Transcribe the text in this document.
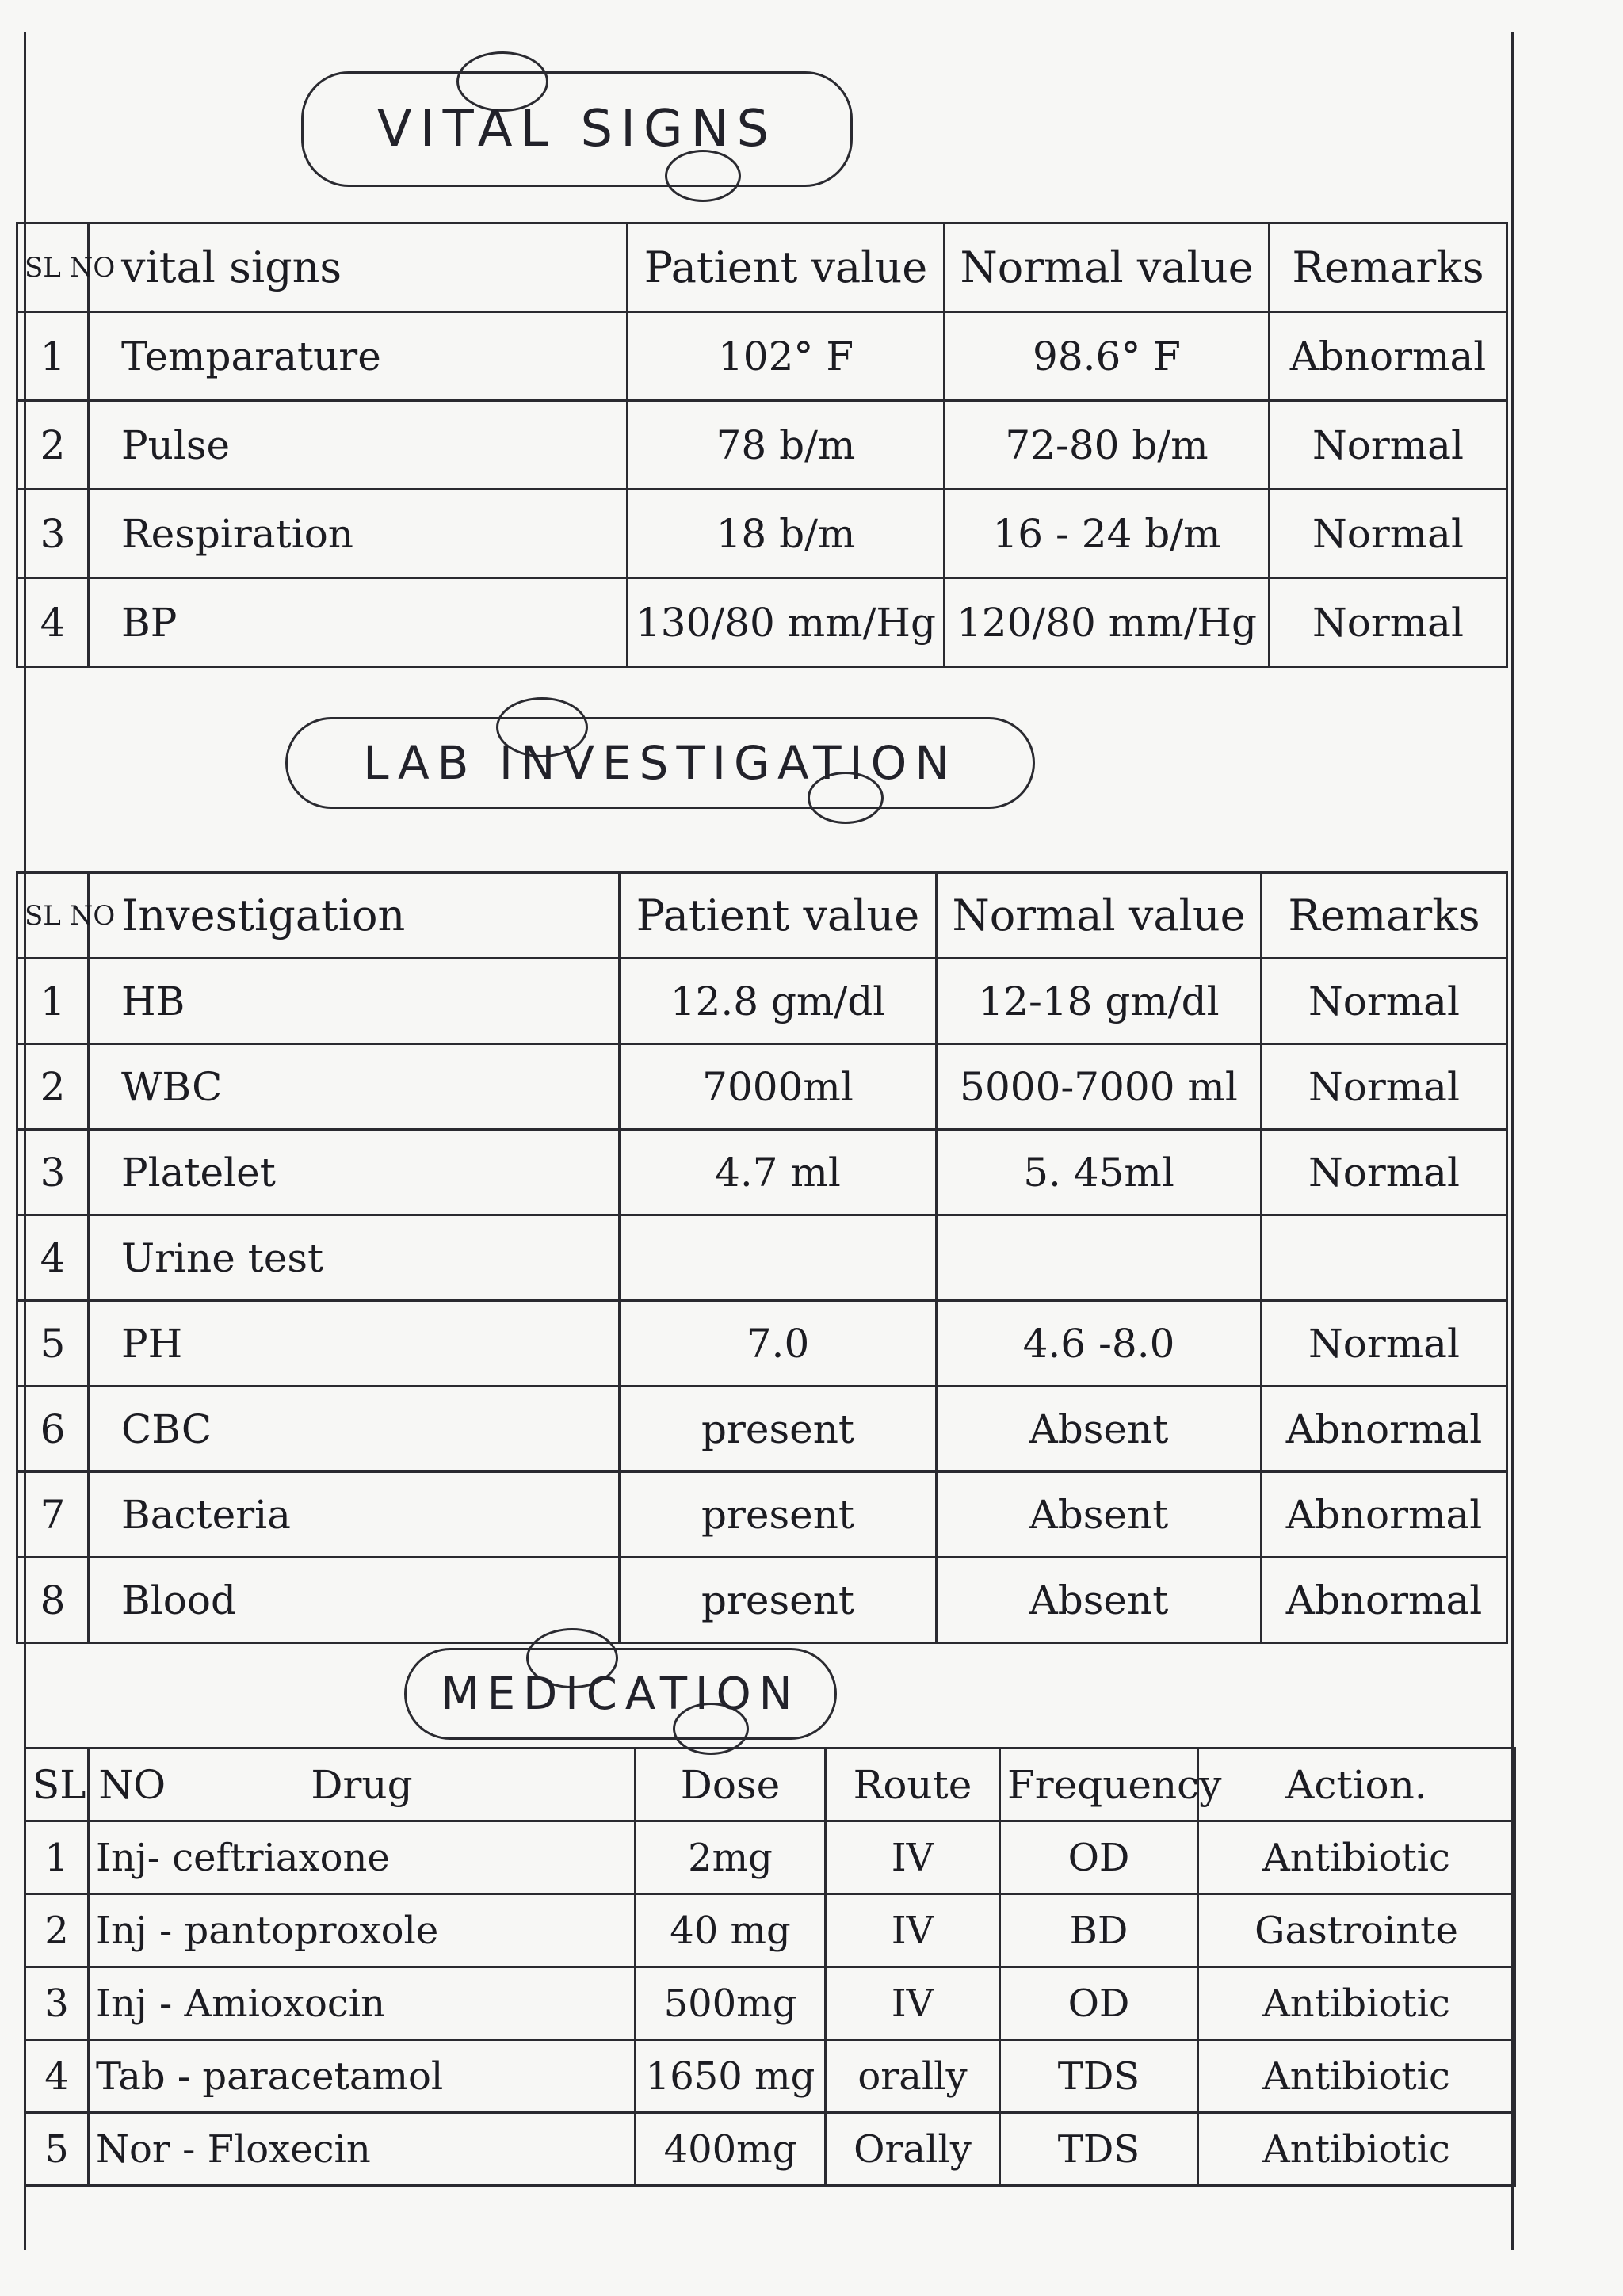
VITAL SIGNS
SL NO	vital signs	Patient value	Normal value	Remarks
1	Temparature	102° F	98.6° F	Abnormal
2	Pulse	78 b/m	72-80 b/m	Normal
3	Respiration	18 b/m	16 - 24 b/m	Normal
4	BP	130/80 mm/Hg	120/80 mm/Hg	Normal
LAB INVESTIGATION
SL NO	Investigation	Patient value	Normal value	Remarks
1	HB	12.8 gm/dl	12-18 gm/dl	Normal
2	WBC	7000ml	5000-7000 ml	Normal
3	Platelet	4.7 ml	5. 45ml	Normal
4	Urine test			
5	PH	7.0	4.6 -8.0	Normal
6	CBC	present	Absent	Abnormal
7	Bacteria	present	Absent	Abnormal
8	Blood	present	Absent	Abnormal
MEDICATION
SL NO	Drug	Dose	Route	Frequency	Action.
1	Inj- ceftriaxone	2mg	IV	OD	Antibiotic
2	Inj - pantoproxole	40 mg	IV	BD	Gastrointe
3	Inj - Amioxocin	500mg	IV	OD	Antibiotic
4	Tab - paracetamol	1650 mg	orally	TDS	Antibiotic
5	Nor - Floxecin	400mg	Orally	TDS	Antibiotic
